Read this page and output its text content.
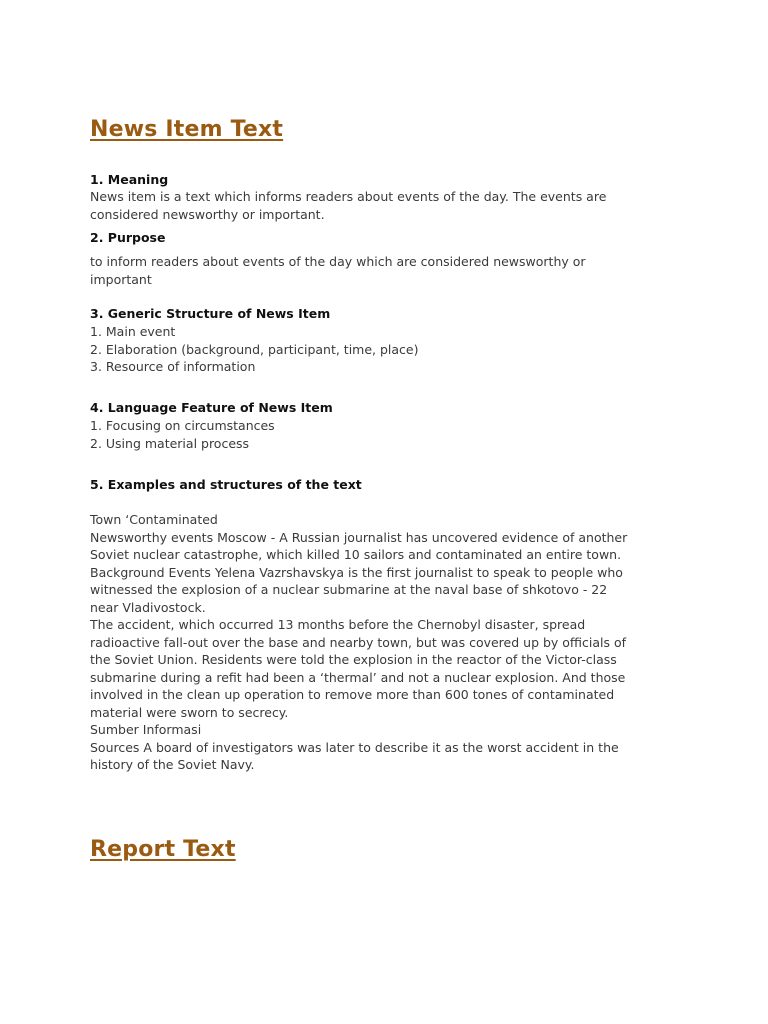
News Item Text
1. Meaning
News item is a text which informs readers about events of the day. The events are
considered newsworthy or important.
2. Purpose
to inform readers about events of the day which are considered newsworthy or
important
3. Generic Structure of News Item
1. Main event
2. Elaboration (background, participant, time, place)
3. Resource of information
4. Language Feature of News Item
1. Focusing on circumstances
2. Using material process
5. Examples and structures of the text
Town ‘Contaminated
Newsworthy events Moscow - A Russian journalist has uncovered evidence of another
Soviet nuclear catastrophe, which killed 10 sailors and contaminated an entire town.
Background Events Yelena Vazrshavskya is the first journalist to speak to people who
witnessed the explosion of a nuclear submarine at the naval base of shkotovo - 22
near Vladivostock.
The accident, which occurred 13 months before the Chernobyl disaster, spread
radioactive fall-out over the base and nearby town, but was covered up by officials of
the Soviet Union. Residents were told the explosion in the reactor of the Victor-class
submarine during a refit had been a ‘thermal’ and not a nuclear explosion. And those
involved in the clean up operation to remove more than 600 tones of contaminated
material were sworn to secrecy.
Sumber Informasi
Sources A board of investigators was later to describe it as the worst accident in the
history of the Soviet Navy.
Report Text
